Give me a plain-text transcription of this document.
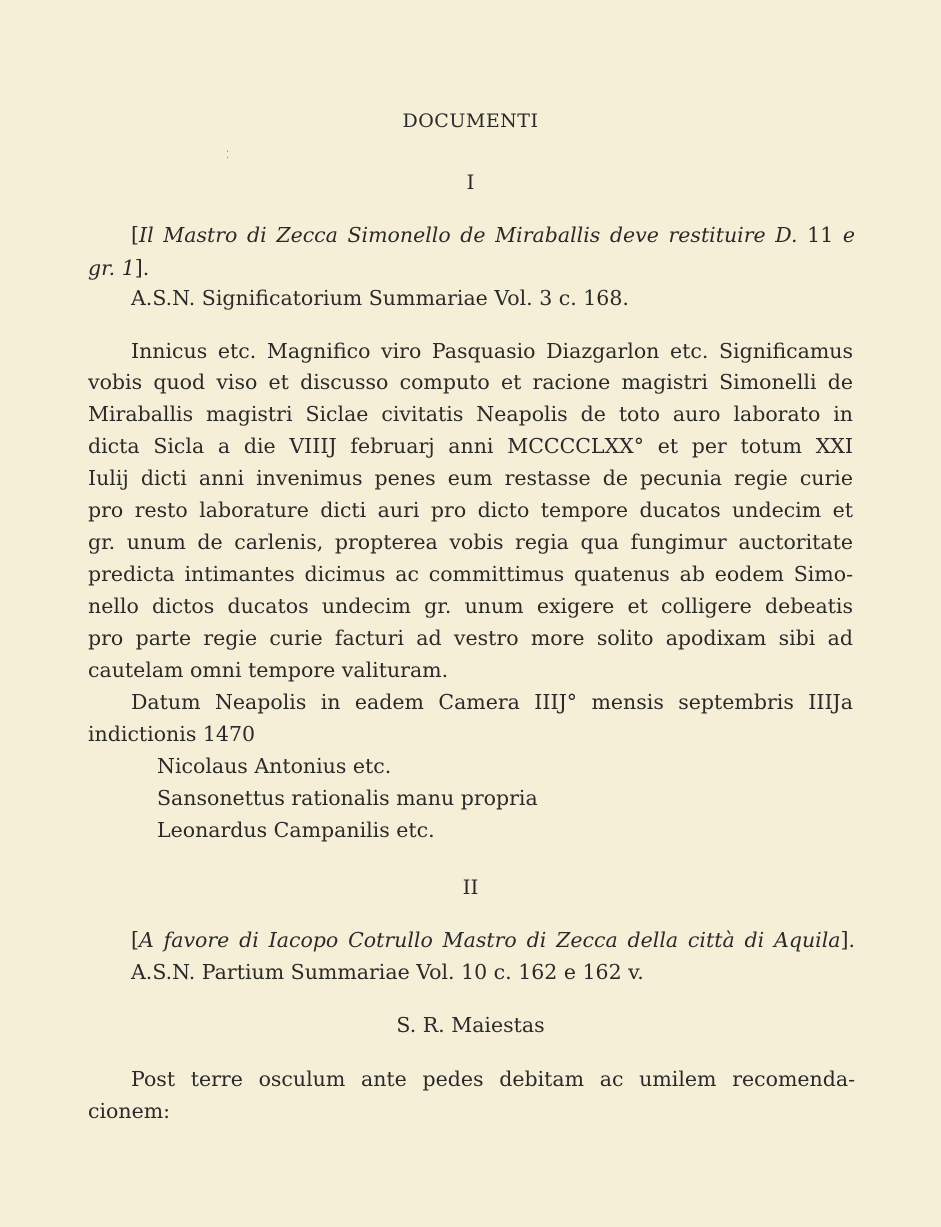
⁚
DOCUMENTI
I
[Il Mastro di Zecca Simonello de Miraballis deve restituire D. 11 e
gr. 1].
A.S.N. Significatorium Summariae Vol. 3 c. 168.
Innicus etc. Magnifico viro Pasquasio Diazgarlon etc. Significamus
vobis quod viso et discusso computo et racione magistri Simonelli de
Miraballis magistri Siclae civitatis Neapolis de toto auro laborato in
dicta Sicla a die VIIIJ februarj anni MCCCCLXX° et per totum XXI
Iulij dicti anni invenimus penes eum restasse de pecunia regie curie
pro resto laborature dicti auri pro dicto tempore ducatos undecim et
gr. unum de carlenis, propterea vobis regia qua fungimur auctoritate
predicta intimantes dicimus ac committimus quatenus ab eodem Simo-
nello dictos ducatos undecim gr. unum exigere et colligere debeatis
pro parte regie curie facturi ad vestro more solito apodixam sibi ad
cautelam omni tempore valituram.
Datum Neapolis in eadem Camera IIIJ° mensis septembris IIIJa
indictionis 1470
Nicolaus Antonius etc.
Sansonettus rationalis manu propria
Leonardus Campanilis etc.
II
[A favore di Iacopo Cotrullo Mastro di Zecca della città di Aquila].
A.S.N. Partium Summariae Vol. 10 c. 162 e 162 v.
S. R. Maiestas
Post terre osculum ante pedes debitam ac umilem recomenda-
cionem:
